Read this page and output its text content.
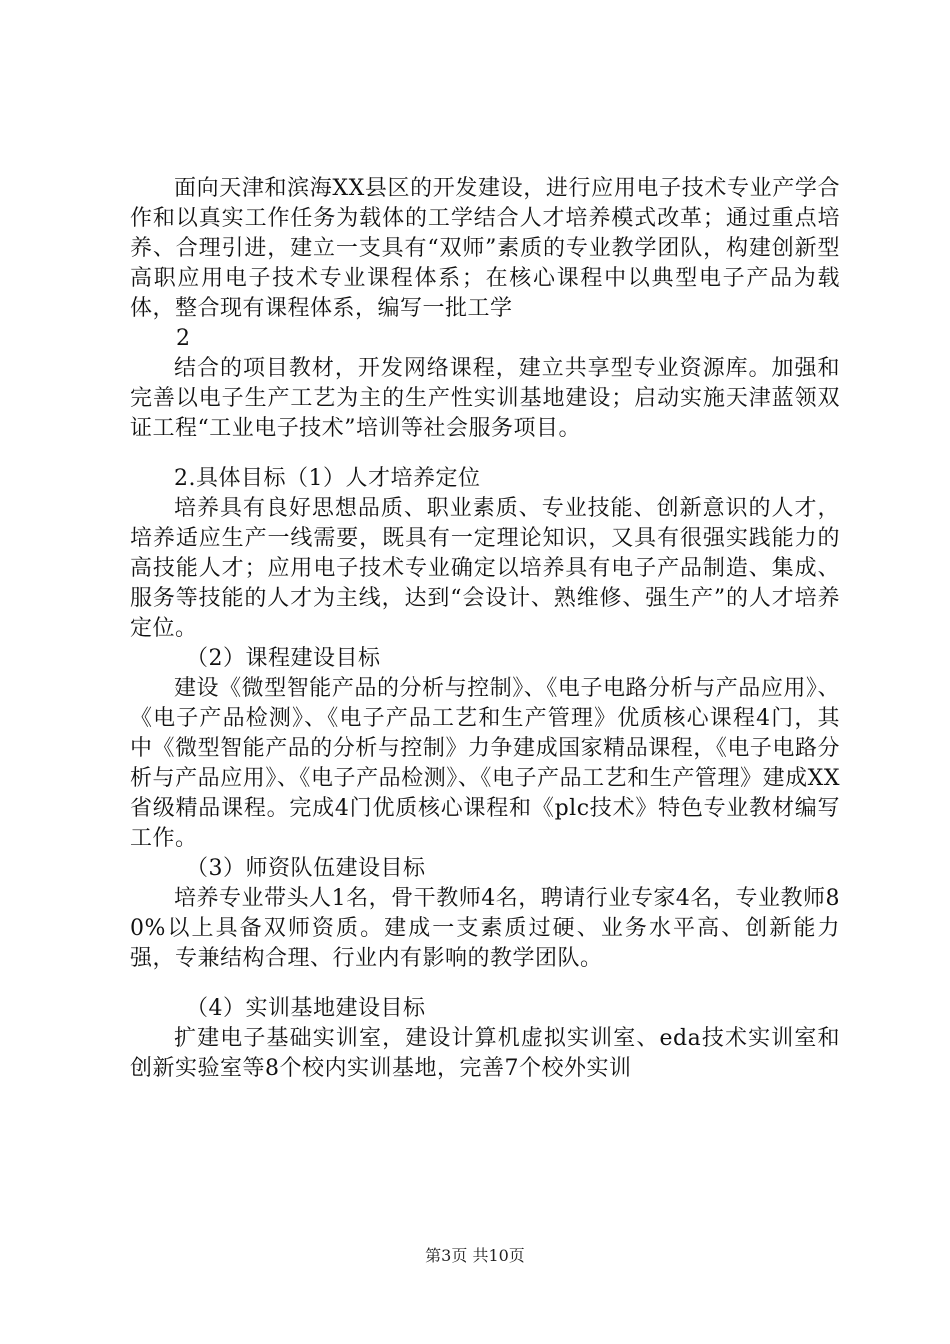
面向天津和滨海XX县区的开发建设，进行应用电子技术专业产学合作和以真实工作任务为载体的工学结合人才培养模式改革；通过重点培养、合理引进，建立一支具有“双师”素质的专业教学团队，构建创新型高职应用电子技术专业课程体系；在核心课程中以典型电子产品为载体，整合现有课程体系，编写一批工学

2

结合的项目教材，开发网络课程，建立共享型专业资源库。加强和完善以电子生产工艺为主的生产性实训基地建设；启动实施天津蓝领双证工程“工业电子技术”培训等社会服务项目。

2.具体目标（1）人才培养定位

培养具有良好思想品质、职业素质、专业技能、创新意识的人才，培养适应生产一线需要，既具有一定理论知识，又具有很强实践能力的高技能人才；应用电子技术专业确定以培养具有电子产品制造、集成、服务等技能的人才为主线，达到“会设计、熟维修、强生产”的人才培养定位。

（2）课程建设目标

建设《微型智能产品的分析与控制》、《电子电路分析与产品应用》、《电子产品检测》、《电子产品工艺和生产管理》优质核心课程4门，其中《微型智能产品的分析与控制》力争建成国家精品课程，《电子电路分析与产品应用》、《电子产品检测》、《电子产品工艺和生产管理》建成XX省级精品课程。完成4门优质核心课程和《plc技术》特色专业教材编写工作。

（3）师资队伍建设目标

培养专业带头人1名，骨干教师4名，聘请行业专家4名，专业教师80%以上具备双师资质。建成一支素质过硬、业务水平高、创新能力强，专兼结构合理、行业内有影响的教学团队。

（4）实训基地建设目标

扩建电子基础实训室，建设计算机虚拟实训室、eda技术实训室和创新实验室等8个校内实训基地，完善7个校外实训

第3页 共10页
